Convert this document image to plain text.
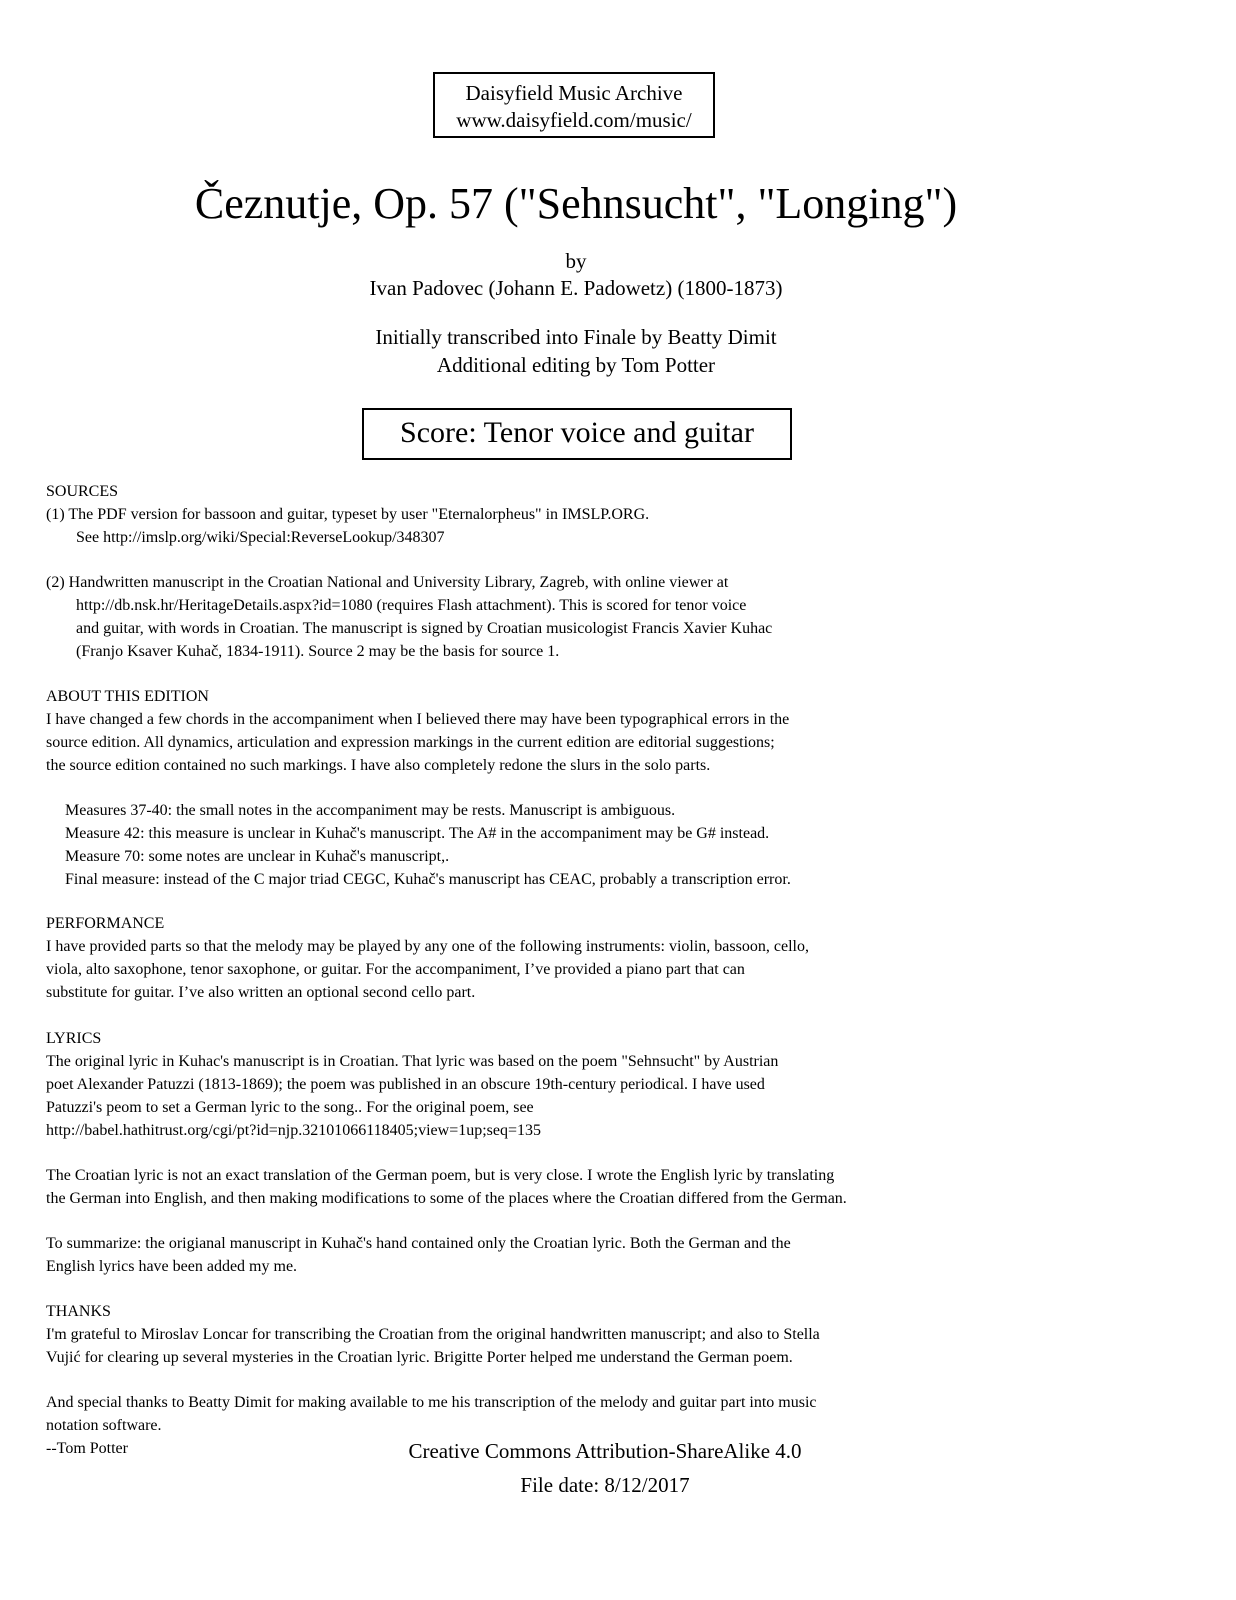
Daisyfield Music Archive
www.daisyfield.com/music/
Čeznutje, Op. 57 ("Sehnsucht", "Longing")
by
Ivan Padovec (Johann E. Padowetz) (1800-1873)
Initially transcribed into Finale by Beatty Dimit
Additional editing by Tom Potter
Score: Tenor voice and guitar
SOURCES
(1) The PDF version for bassoon and guitar, typeset by user "Eternalorpheus" in IMSLP.ORG.
See http://imslp.org/wiki/Special:ReverseLookup/348307
(2) Handwritten manuscript in the Croatian National and University Library, Zagreb, with online viewer at
http://db.nsk.hr/HeritageDetails.aspx?id=1080 (requires Flash attachment). This is scored for tenor voice
and guitar, with words in Croatian. The manuscript is signed by Croatian musicologist Francis Xavier Kuhac
(Franjo Ksaver Kuhač, 1834-1911). Source 2 may be the basis for source 1.
ABOUT THIS EDITION
I have changed a few chords in the accompaniment when I believed there may have been typographical errors in the
source edition. All dynamics, articulation and expression markings in the current edition are editorial suggestions;
the source edition contained no such markings. I have also completely redone the slurs in the solo parts.
Measures 37-40: the small notes in the accompaniment may be rests. Manuscript is ambiguous.
Measure 42: this measure is unclear in Kuhač's manuscript. The A# in the accompaniment may be G# instead.
Measure 70: some notes are unclear in Kuhač's manuscript,.
Final measure: instead of the C major triad CEGC, Kuhač's manuscript has CEAC, probably a transcription error.
PERFORMANCE
I have provided parts so that the melody may be played by any one of the following instruments: violin, bassoon, cello,
viola, alto saxophone, tenor saxophone, or guitar. For the accompaniment, I’ve provided a piano part that can
substitute for guitar. I’ve also written an optional second cello part.
LYRICS
The original lyric in Kuhac's manuscript is in Croatian. That lyric was based on the poem "Sehnsucht" by Austrian
poet Alexander Patuzzi (1813-1869); the poem was published in an obscure 19th-century periodical. I have used
Patuzzi's peom to set a German lyric to the song.. For the original poem, see
http://babel.hathitrust.org/cgi/pt?id=njp.32101066118405;view=1up;seq=135
The Croatian lyric is not an exact translation of the German poem, but is very close. I wrote the English lyric by translating
the German into English, and then making modifications to some of the places where the Croatian differed from the German.
To summarize: the origianal manuscript in Kuhač's hand contained only the Croatian lyric. Both the German and the
English lyrics have been added my me.
THANKS
I'm grateful to Miroslav Loncar for transcribing the Croatian from the original handwritten manuscript; and also to Stella
Vujić for clearing up several mysteries in the Croatian lyric. Brigitte Porter helped me understand the German poem.
And special thanks to Beatty Dimit for making available to me his transcription of the melody and guitar part into music
notation software.
--Tom Potter	Creative Commons Attribution-ShareAlike 4.0
File date: 8/12/2017
